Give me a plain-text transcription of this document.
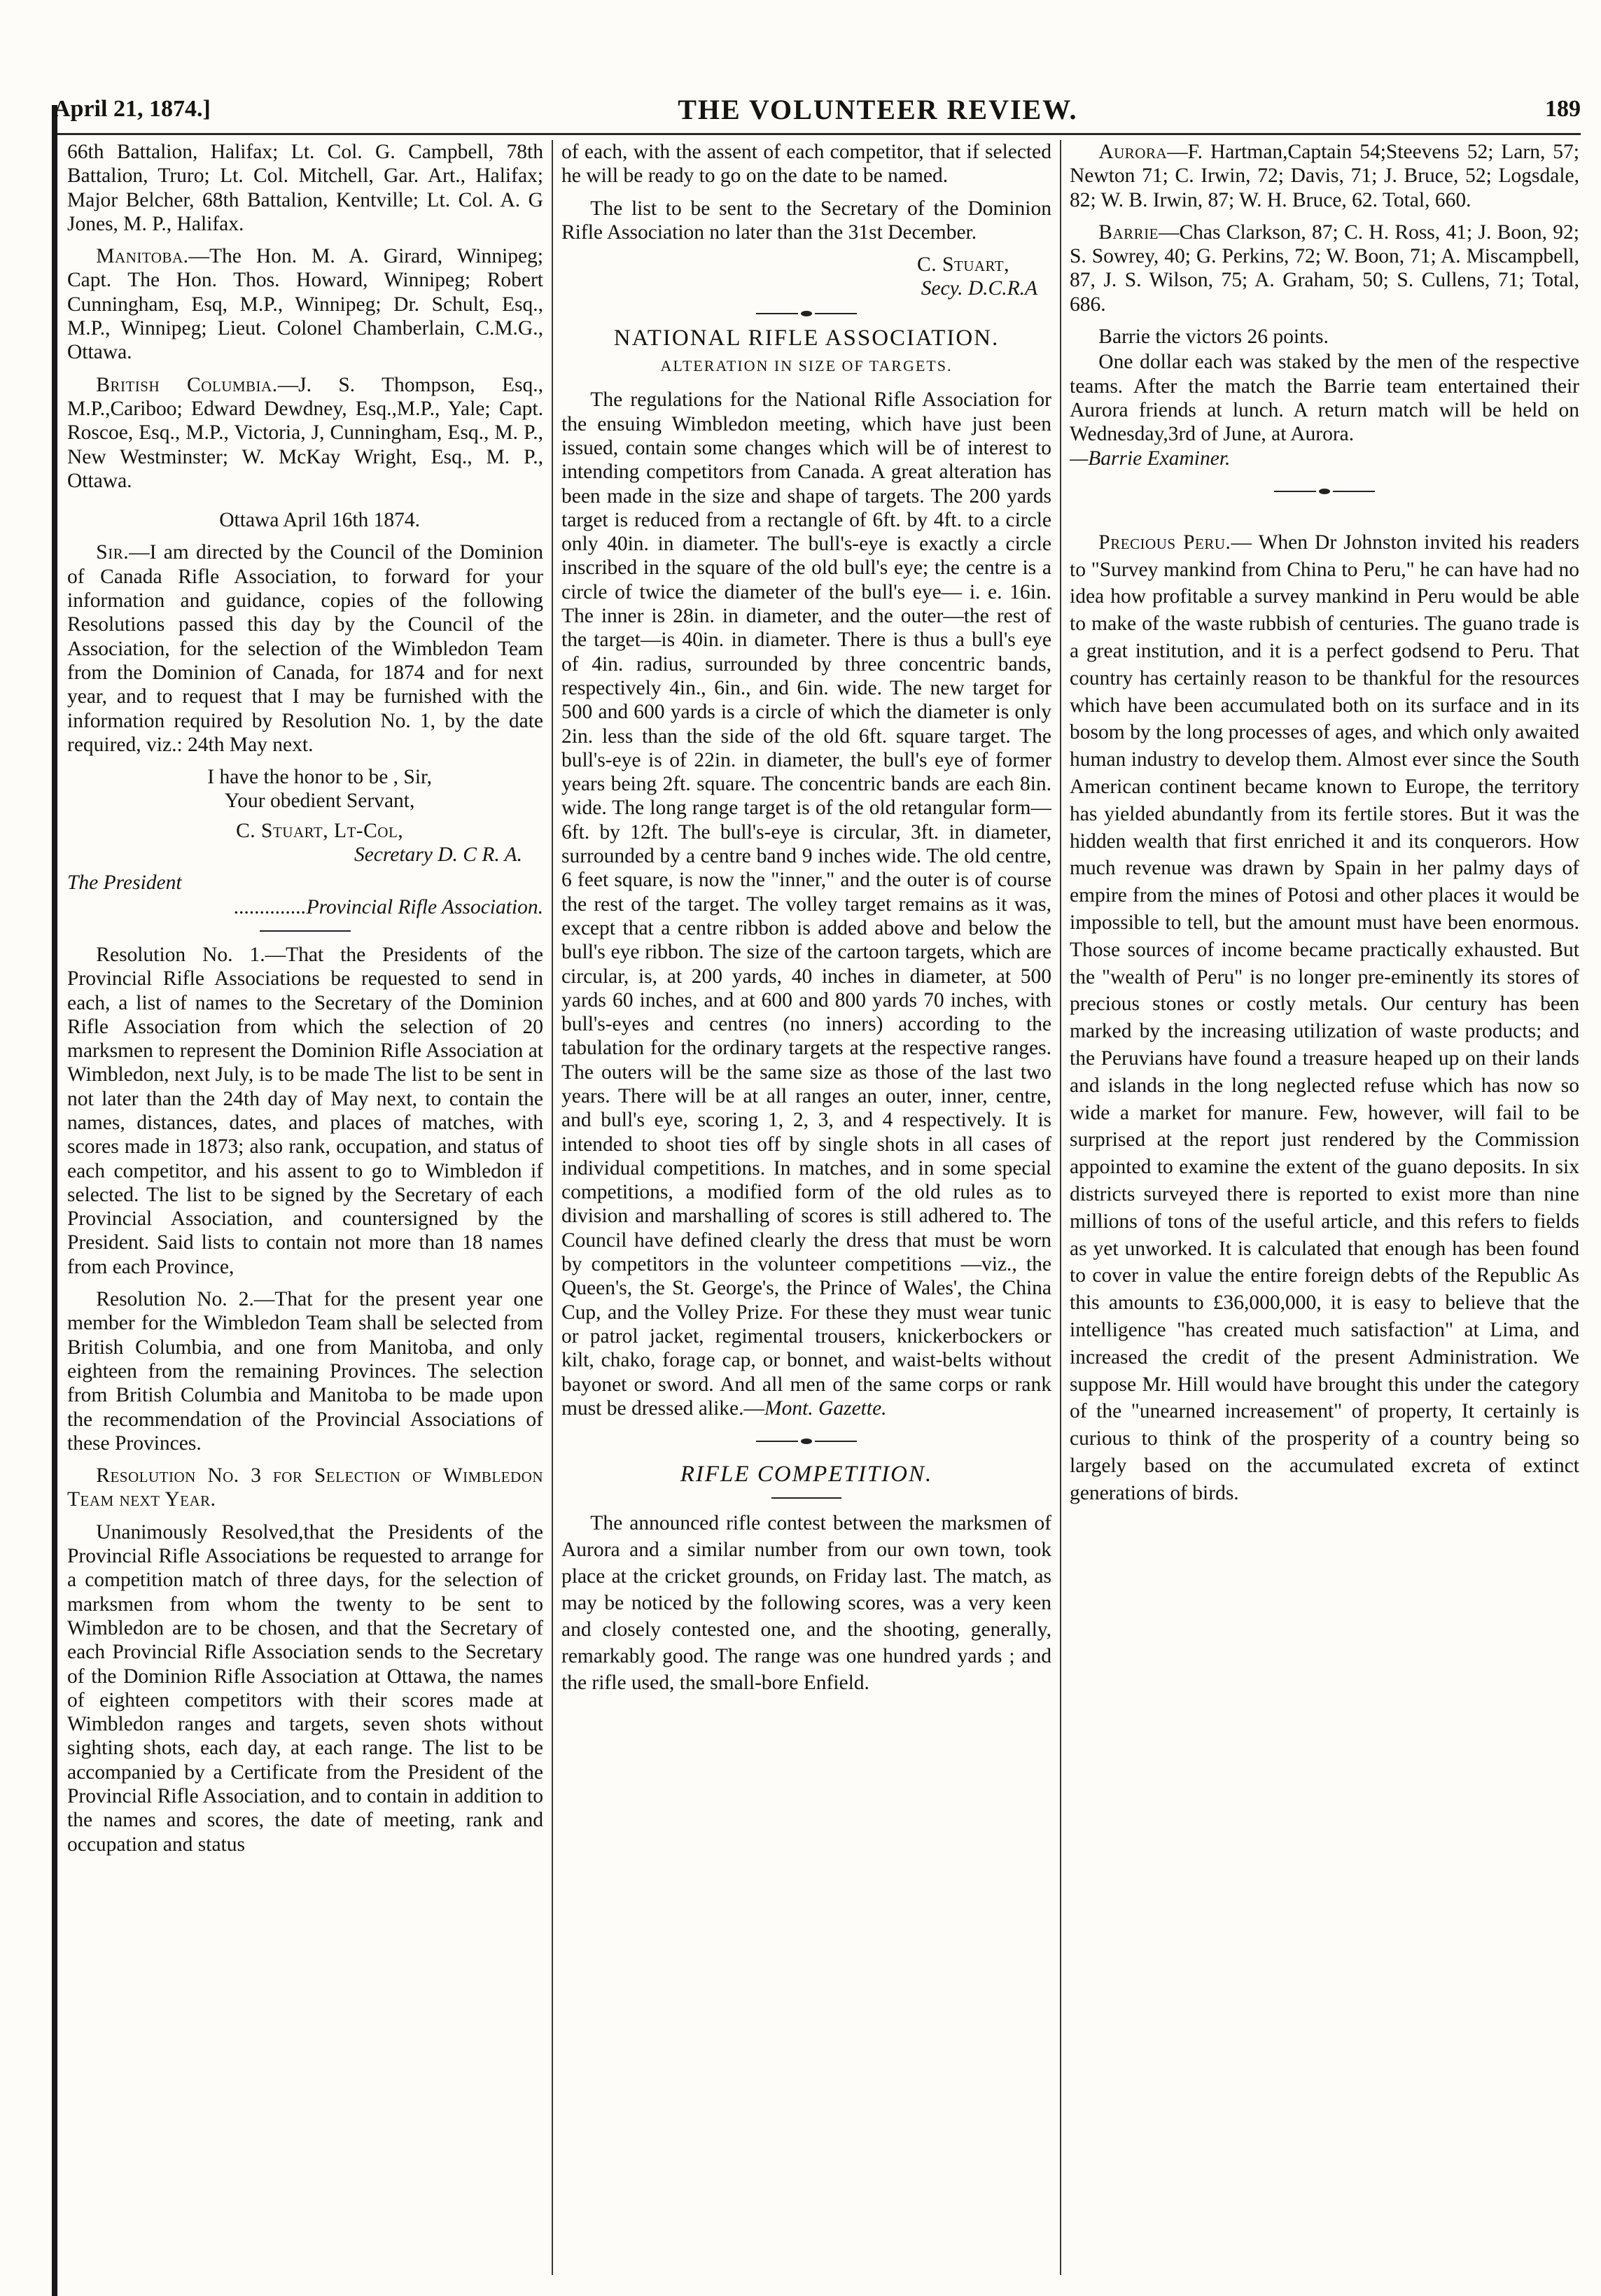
April 21, 1874.]	THE VOLUNTEER REVIEW.	189

66th Battalion, Halifax; Lt. Col. G. Campbell, 78th Battalion, Truro; Lt. Col. Mitchell, Gar. Art., Halifax; Major Belcher, 68th Battalion, Kentville; Lt. Col. A. G Jones, M. P., Halifax.

Manitoba.—The Hon. M. A. Girard, Winnipeg; Capt. The Hon. Thos. Howard, Winnipeg; Robert Cunningham, Esq, M.P., Winnipeg; Dr. Schult, Esq., M.P., Winnipeg; Lieut. Colonel Chamberlain, C.M.G., Ottawa.

British Columbia.—J. S. Thompson, Esq., M.P.,Cariboo; Edward Dewdney, Esq.,M.P., Yale; Capt. Roscoe, Esq., M.P., Victoria, J, Cunningham, Esq., M. P., New Westminster; W. McKay Wright, Esq., M. P., Ottawa.

Ottawa April 16th 1874.

Sir.—I am directed by the Council of the Dominion of Canada Rifle Association, to forward for your information and guidance, copies of the following Resolutions passed this day by the Council of the Association, for the selection of the Wimbledon Team from the Dominion of Canada, for 1874 and for next year, and to request that I may be furnished with the information required by Resolution No. 1, by the date required, viz.: 24th May next.

I have the honor to be , Sir,

Your obedient Servant,

C. Stuart, Lt-Col,

Secretary D. C R. A.

The President

..............Provincial Rifle Association.

Resolution No. 1.—That the Presidents of the Provincial Rifle Associations be requested to send in each, a list of names to the Secretary of the Dominion Rifle Association from which the selection of 20 marksmen to represent the Dominion Rifle Association at Wimbledon, next July, is to be made The list to be sent in not later than the 24th day of May next, to contain the names, distances, dates, and places of matches, with scores made in 1873; also rank, occupation, and status of each competitor, and his assent to go to Wimbledon if selected. The list to be signed by the Secretary of each Provincial Association, and countersigned by the President. Said lists to contain not more than 18 names from each Province,

Resolution No. 2.—That for the present year one member for the Wimbledon Team shall be selected from British Columbia, and one from Manitoba, and only eighteen from the remaining Provinces. The selection from British Columbia and Manitoba to be made upon the recommendation of the Provincial Associations of these Provinces.

Resolution No. 3 for Selection of Wimbledon Team next Year.

Unanimously Resolved,that the Presidents of the Provincial Rifle Associations be requested to arrange for a competition match of three days, for the selection of marksmen from whom the twenty to be sent to Wimbledon are to be chosen, and that the Secretary of each Provincial Rifle Association sends to the Secretary of the Dominion Rifle Association at Ottawa, the names of eighteen competitors with their scores made at Wimbledon ranges and targets, seven shots without sighting shots, each day, at each range. The list to be accompanied by a Certificate from the President of the Provincial Rifle Association, and to contain in addition to the names and scores, the date of meeting, rank and occupation and status

of each, with the assent of each competitor, that if selected he will be ready to go on the date to be named.

The list to be sent to the Secretary of the Dominion Rifle Association no later than the 31st December.

C. Stuart,

Secy. D.C.R.A

NATIONAL RIFLE ASSOCIATION.
ALTERATION IN SIZE OF TARGETS.

The regulations for the National Rifle Association for the ensuing Wimbledon meeting, which have just been issued, contain some changes which will be of interest to intending competitors from Canada. A great alteration has been made in the size and shape of targets. The 200 yards target is reduced from a rectangle of 6ft. by 4ft. to a circle only 40in. in diameter. The bull's-eye is exactly a circle inscribed in the square of the old bull's eye; the centre is a circle of twice the diameter of the bull's eye— i. e. 16in. The inner is 28in. in diameter, and the outer—the rest of the target—is 40in. in diameter. There is thus a bull's eye of 4in. radius, surrounded by three concentric bands, respectively 4in., 6in., and 6in. wide. The new target for 500 and 600 yards is a circle of which the diameter is only 2in. less than the side of the old 6ft. square target. The bull's-eye is of 22in. in diameter, the bull's eye of former years being 2ft. square. The concentric bands are each 8in. wide. The long range target is of the old retangular form—6ft. by 12ft. The bull's-eye is circular, 3ft. in diameter, surrounded by a centre band 9 inches wide. The old centre, 6 feet square, is now the "inner," and the outer is of course the rest of the target. The volley target remains as it was, except that a centre ribbon is added above and below the bull's eye ribbon. The size of the cartoon targets, which are circular, is, at 200 yards, 40 inches in diameter, at 500 yards 60 inches, and at 600 and 800 yards 70 inches, with bull's-eyes and centres (no inners) according to the tabulation for the ordinary targets at the respective ranges. The outers will be the same size as those of the last two years. There will be at all ranges an outer, inner, centre, and bull's eye, scoring 1, 2, 3, and 4 respectively. It is intended to shoot ties off by single shots in all cases of individual competitions. In matches, and in some special competitions, a modified form of the old rules as to division and marshalling of scores is still adhered to. The Council have defined clearly the dress that must be worn by competitors in the volunteer competitions —viz., the Queen's, the St. George's, the Prince of Wales', the China Cup, and the Volley Prize. For these they must wear tunic or patrol jacket, regimental trousers, knickerbockers or kilt, chako, forage cap, or bonnet, and waist-belts without bayonet or sword. And all men of the same corps or rank must be dressed alike.—Mont. Gazette.

RIFLE COMPETITION.

The announced rifle contest between the marksmen of Aurora and a similar number from our own town, took place at the cricket grounds, on Friday last. The match, as may be noticed by the following scores, was a very keen and closely contested one, and the shooting, generally, remarkably good. The range was one hundred yards ; and the rifle used, the small-bore Enfield.

Aurora—F. Hartman,Captain 54;Steevens 52; Larn, 57; Newton 71; C. Irwin, 72; Davis, 71; J. Bruce, 52; Logsdale, 82; W. B. Irwin, 87; W. H. Bruce, 62. Total, 660.

Barrie—Chas Clarkson, 87; C. H. Ross, 41; J. Boon, 92; S. Sowrey, 40; G. Perkins, 72; W. Boon, 71; A. Miscampbell, 87, J. S. Wilson, 75; A. Graham, 50; S. Cullens, 71; Total, 686.

Barrie the victors 26 points.

One dollar each was staked by the men of the respective teams. After the match the Barrie team entertained their Aurora friends at lunch. A return match will be held on Wednesday,3rd of June, at Aurora.

—Barrie Examiner.

Precious Peru.— When Dr Johnston invited his readers to "Survey mankind from China to Peru," he can have had no idea how profitable a survey mankind in Peru would be able to make of the waste rubbish of centuries. The guano trade is a great institution, and it is a perfect godsend to Peru. That country has certainly reason to be thankful for the resources which have been accumulated both on its surface and in its bosom by the long processes of ages, and which only awaited human industry to develop them. Almost ever since the South American continent became known to Europe, the territory has yielded abundantly from its fertile stores. But it was the hidden wealth that first enriched it and its conquerors. How much revenue was drawn by Spain in her palmy days of empire from the mines of Potosi and other places it would be impossible to tell, but the amount must have been enormous. Those sources of income became practically exhausted. But the "wealth of Peru" is no longer pre-eminently its stores of precious stones or costly metals. Our century has been marked by the increasing utilization of waste products; and the Peruvians have found a treasure heaped up on their lands and islands in the long neglected refuse which has now so wide a market for manure. Few, however, will fail to be surprised at the report just rendered by the Commission appointed to examine the extent of the guano deposits. In six districts surveyed there is reported to exist more than nine millions of tons of the useful article, and this refers to fields as yet unworked. It is calculated that enough has been found to cover in value the entire foreign debts of the Republic As this amounts to £36,000,000, it is easy to believe that the intelligence "has created much satisfaction" at Lima, and increased the credit of the present Administration. We suppose Mr. Hill would have brought this under the category of the "unearned increasement" of property, It certainly is curious to think of the prosperity of a country being so largely based on the accumulated excreta of extinct generations of birds.
